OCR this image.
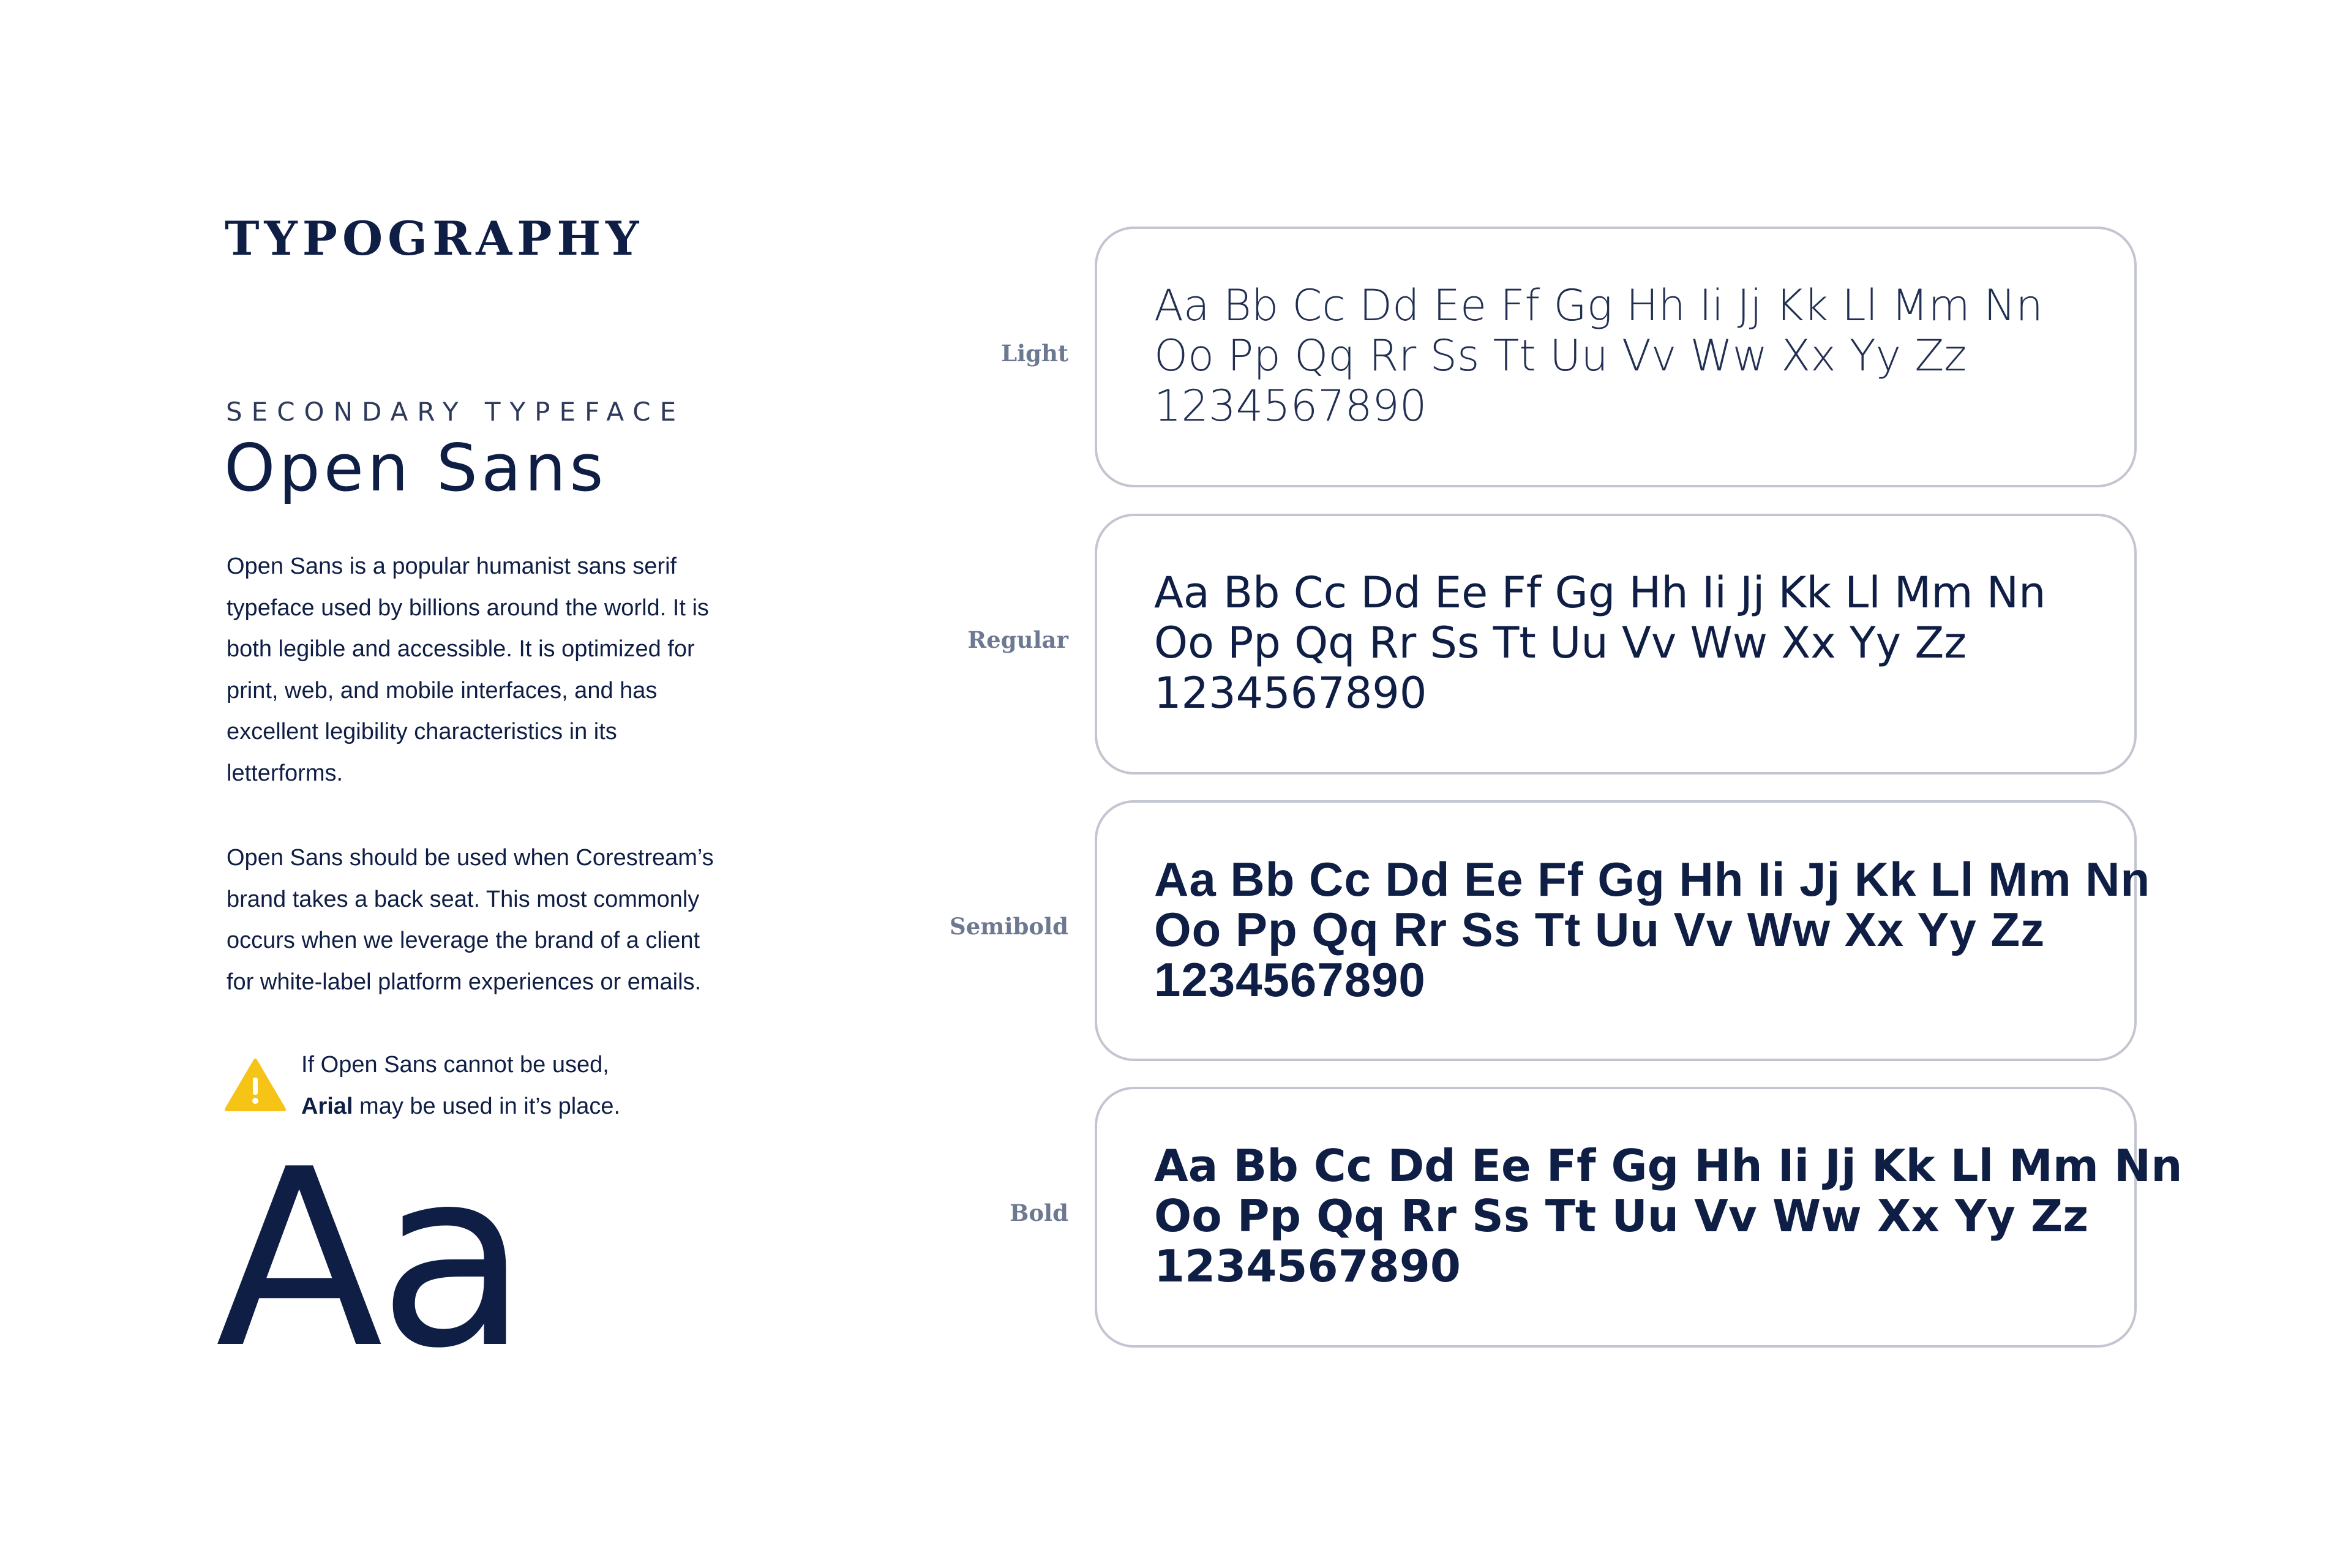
TYPOGRAPHY
SECONDARY TYPEFACE
Open Sans
Open Sans is a popular humanist sans serif
typeface used by billions around the world. It is
both legible and accessible. It is optimized for
print, web, and mobile interfaces, and has
excellent legibility characteristics in its
letterforms.
Open Sans should be used when Corestream’s
brand takes a back seat. This most commonly
occurs when we leverage the brand of a client
for white-label platform experiences or emails.
If Open Sans cannot be used,
Arial may be used in it’s place.
Aa
Light
Aa Bb Cc Dd Ee Ff Gg Hh Ii Jj Kk Ll Mm Nn
Oo Pp Qq Rr Ss Tt Uu Vv Ww Xx Yy Zz
1234567890
Regular
Aa Bb Cc Dd Ee Ff Gg Hh Ii Jj Kk Ll Mm Nn
Oo Pp Qq Rr Ss Tt Uu Vv Ww Xx Yy Zz
1234567890
Semibold
Aa Bb Cc Dd Ee Ff Gg Hh Ii Jj Kk Ll Mm Nn
Oo Pp Qq Rr Ss Tt Uu Vv Ww Xx Yy Zz
1234567890
Bold
Aa Bb Cc Dd Ee Ff Gg Hh Ii Jj Kk Ll Mm Nn
Oo Pp Qq Rr Ss Tt Uu Vv Ww Xx Yy Zz
1234567890
